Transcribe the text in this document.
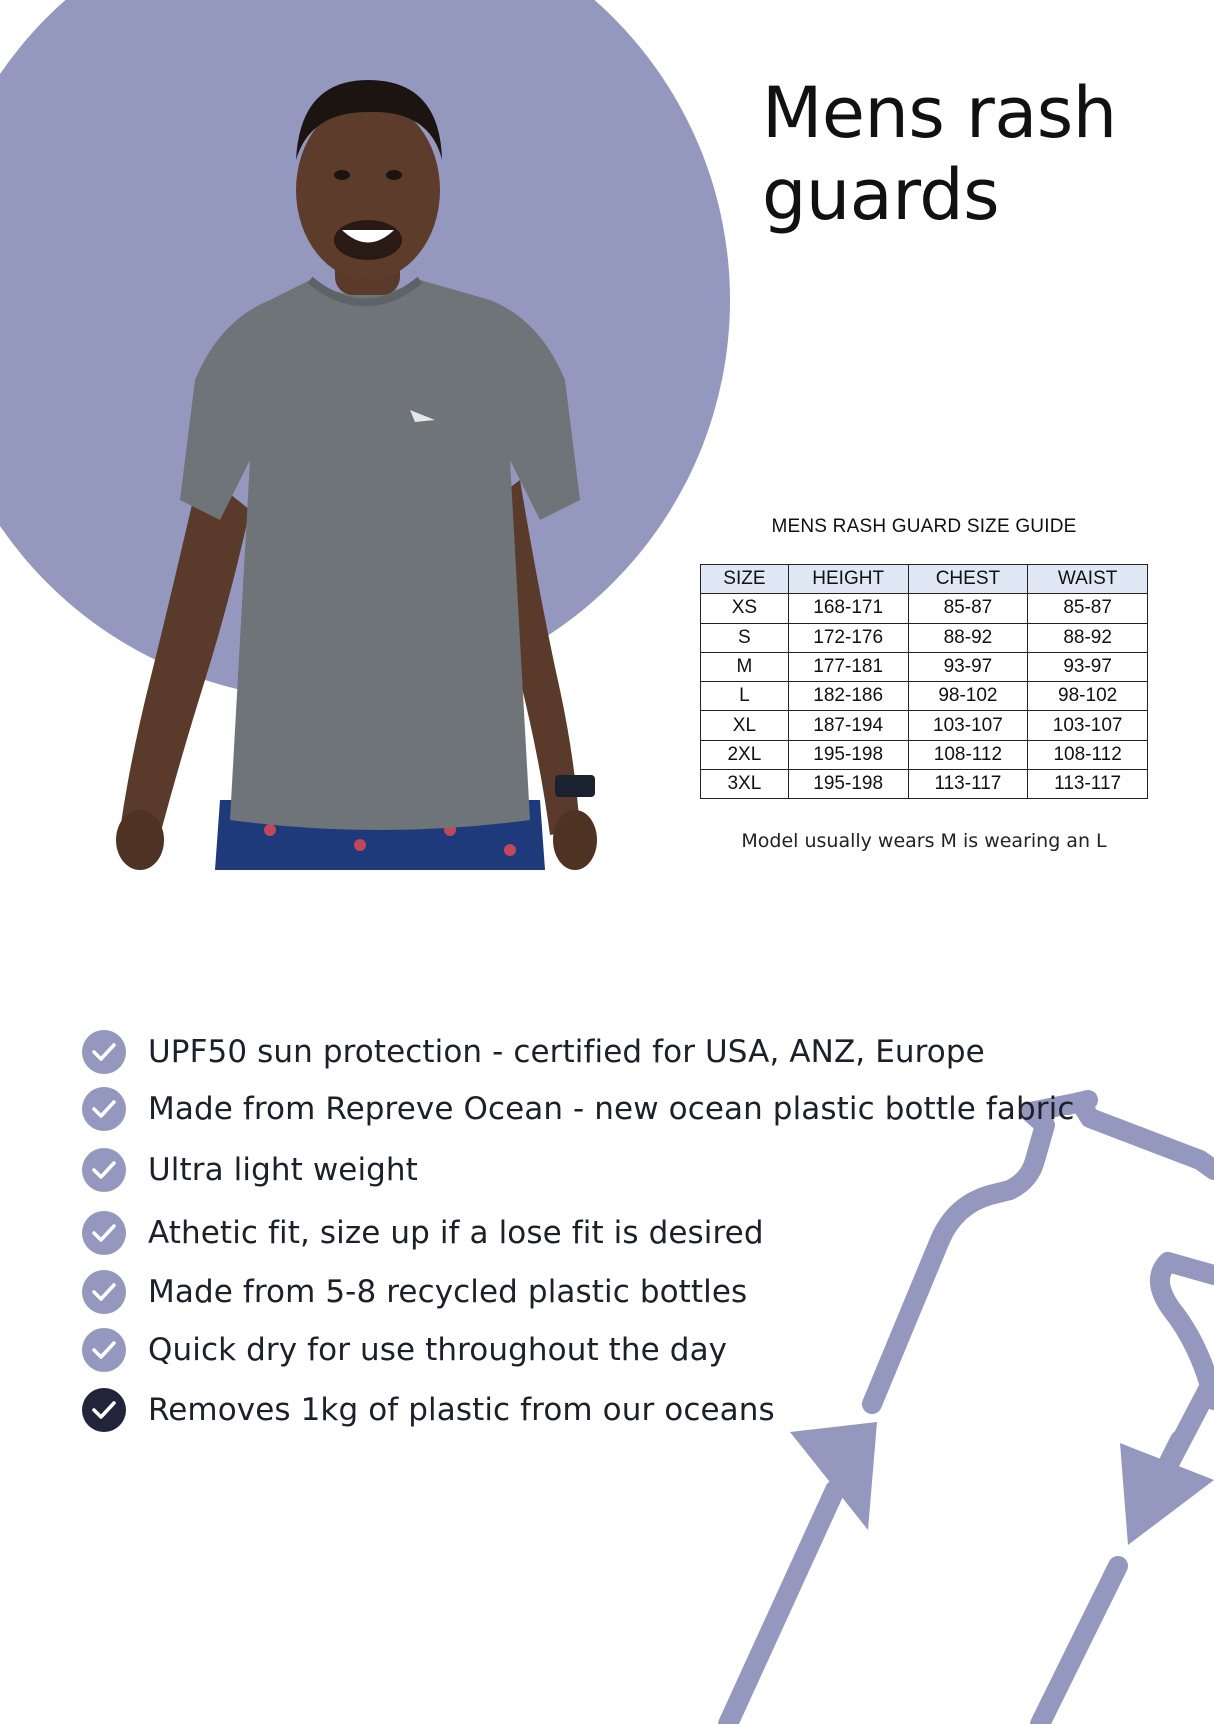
Mens rash guards
MENS RASH GUARD SIZE GUIDE
SIZE	HEIGHT	CHEST	WAIST
XS	168-171	85-87	85-87
S	172-176	88-92	88-92
M	177-181	93-97	93-97
L	182-186	98-102	98-102
XL	187-194	103-107	103-107
2XL	195-198	108-112	108-112
3XL	195-198	113-117	113-117
Model usually wears M is wearing an L
UPF50 sun protection - certified for USA, ANZ, Europe
Made from Repreve Ocean - new ocean plastic bottle fabric
Ultra light weight
Athetic fit, size up if a lose fit is desired
Made from 5-8 recycled plastic bottles
Quick dry for use throughout the day
Removes 1kg of plastic from our oceans
